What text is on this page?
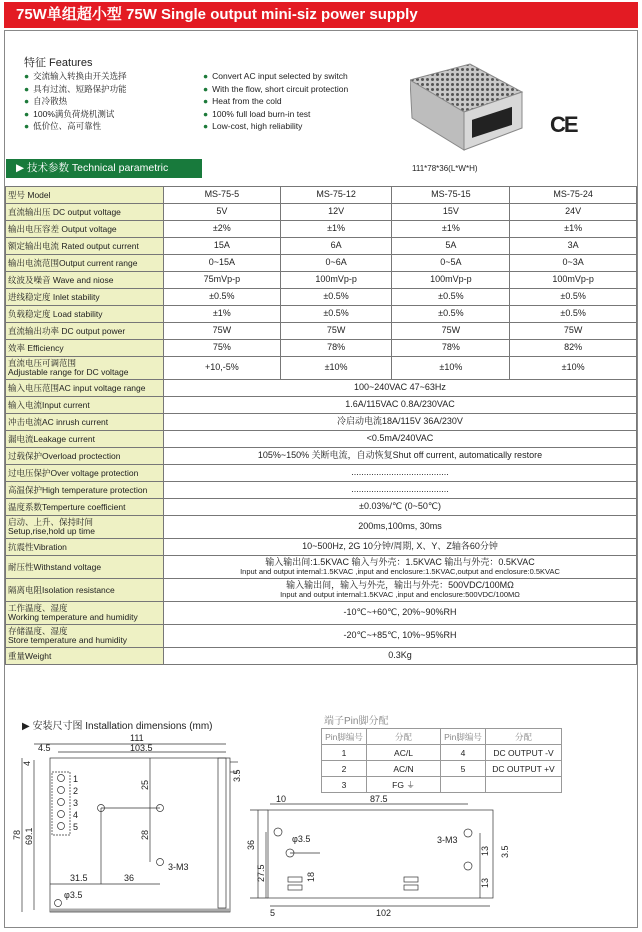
75W单组超小型 75W Single output mini-siz power supply
特征 Features
● 交流输入转换由开关选择
● 具有过流、短路保护功能
● 自冷散热
● 100%满负荷烧机测试
● 低价位、高可靠性
● Convert AC input selected by switch
● With the flow, short circuit protection
● Heat from the cold
● 100% full load burn-in test
● Low-cost, high reliability	CE
▶ 技术参数 Technical parametric	111*78*36(L*W*H)
型号 Model	MS-75-5	MS-75-12	MS-75-15	MS-75-24
直流输出压 DC output voltage	5V	12V	15V	24V
输出电压容差 Output voltage	±2%	±1%	±1%	±1%
额定输出电流 Rated output current	15A	6A	5A	3A
输出电流范围Output current range	0~15A	0~6A	0~5A	0~3A
纹波及噪音 Wave and niose	75mVp-p	100mVp-p	100mVp-p	100mVp-p
进线稳定度 Inlet stability	±0.5%	±0.5%	±0.5%	±0.5%
负载稳定度 Load stability	±1%	±0.5%	±0.5%	±0.5%
直流输出功率 DC output power	75W	75W	75W	75W
效率 Efficiency	75%	78%	78%	82%

直流电压可调范围
Adjustable range for DC voltage	+10,-5%	±10%	±10%	±10%
输入电压范围AC input voltage range	100~240VAC 47~63Hz			
输入电流Input current	1.6A/115VAC 0.8A/230VAC			
冲击电流AC inrush current	冷启动电流18A/115V 36A/230V			
漏电流Leakage current	<0.5mA/240VAC			
过载保护Overload proctection	105%~150% 关断电流，自动恢复Shut off current, automatically restore			
过电压保护Over voltage protection	.......................................			
高温保护High temperature protection	.......................................			
温度系数Temperture coefficient	±0.03%/℃ (0~50℃)			

启动、上升、保持时间
Setup,rise,hold up time	200ms,100ms, 30ms			
抗震性Vibration	10~500Hz, 2G 10分钟/周期, X、Y、Z轴各60分钟			
耐压性Withstand voltage	输入输出间:1.5KVAC 输入与外壳：1.5KVAC 输出与外壳：0.5KVAC
Input and output internal:1.5KVAC ,input and enclosure:1.5KVAC,output and enclosure:0.5KVAC			

隔离电阻Isolation resistance	输入输出间，输入与外壳，输出与外壳：500VDC/100MΩ
Input and output internal:1.5KVAC ,input and enclosure:500VDC/100MΩ			

工作温度、湿度
Working temperature and humidity	-10℃~+60℃, 20%~90%RH			

存储温度、湿度
Store temperature and humidity	-20℃~+85℃, 10%~95%RH			
重量Weight	0.3Kg			
▶ 安装尺寸图 Installation dimensions (mm)	端子Pin脚分配
Pin脚编号	分配	Pin脚编号	分配
1	AC/L	4	DC OUTPUT -V
2	AC/N	5	DC OUTPUT +V
3	FG ⏚		
111
103.5
4.5
4
78 69.1
25
28
3.5
31.5	36
φ3.5
3-M3
1
2
3
4
5
10	87.5
φ3.5	3-M3
3.5
36
27.5	18
13
13
5	102
